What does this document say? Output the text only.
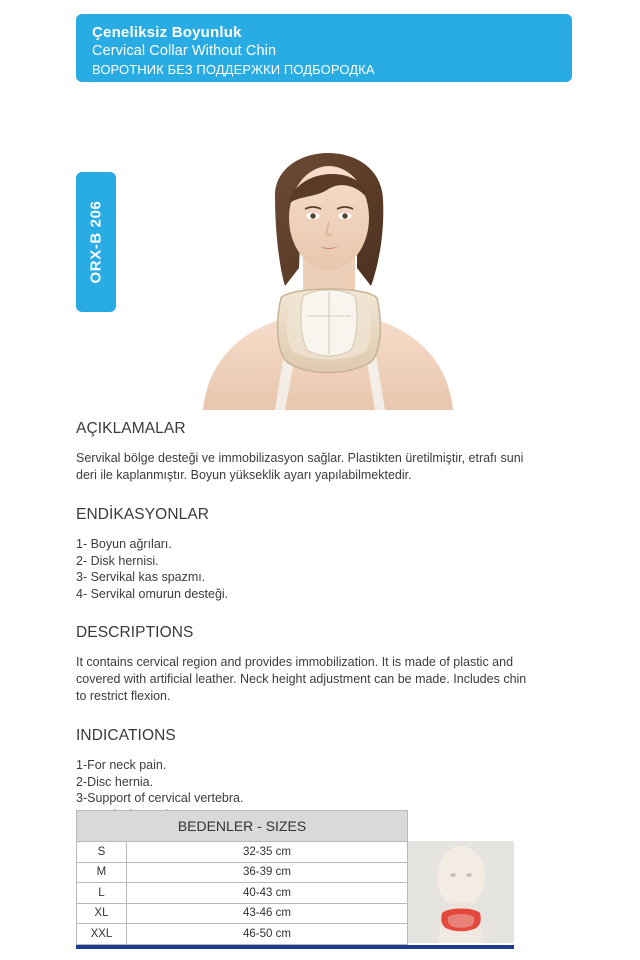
Çeneliksiz Boyunluk
Cervical Collar Without Chin
ВОРОТНИК БЕЗ ПОДДЕРЖКИ ПОДБОРОДКА
ORX-B 206
AÇIKLAMALAR

Servikal bölge desteği ve immobilizasyon sağlar. Plastikten üretilmiştir, etrafı suni deri ile kaplanmıştır. Boyun yükseklik ayarı yapılabilmektedir.

ENDİKASYONLAR
1- Boyun ağrıları.
2- Disk hernisi.
3- Servikal kas spazmı.
4- Servikal omurun desteği.
DESCRIPTIONS

It contains cervical region and provides immobilization. It is made of plastic and covered with artificial leather. Neck height adjustment can be made. Includes chin to restrict flexion.

INDICATIONS
1-For neck pain.
2-Disc hernia.
3-Support of cervical vertebra.
BEDENLER - SIZES
S	32-35 cm
M	36-39 cm
L	40-43 cm
XL	43-46 cm
XXL	46-50 cm
